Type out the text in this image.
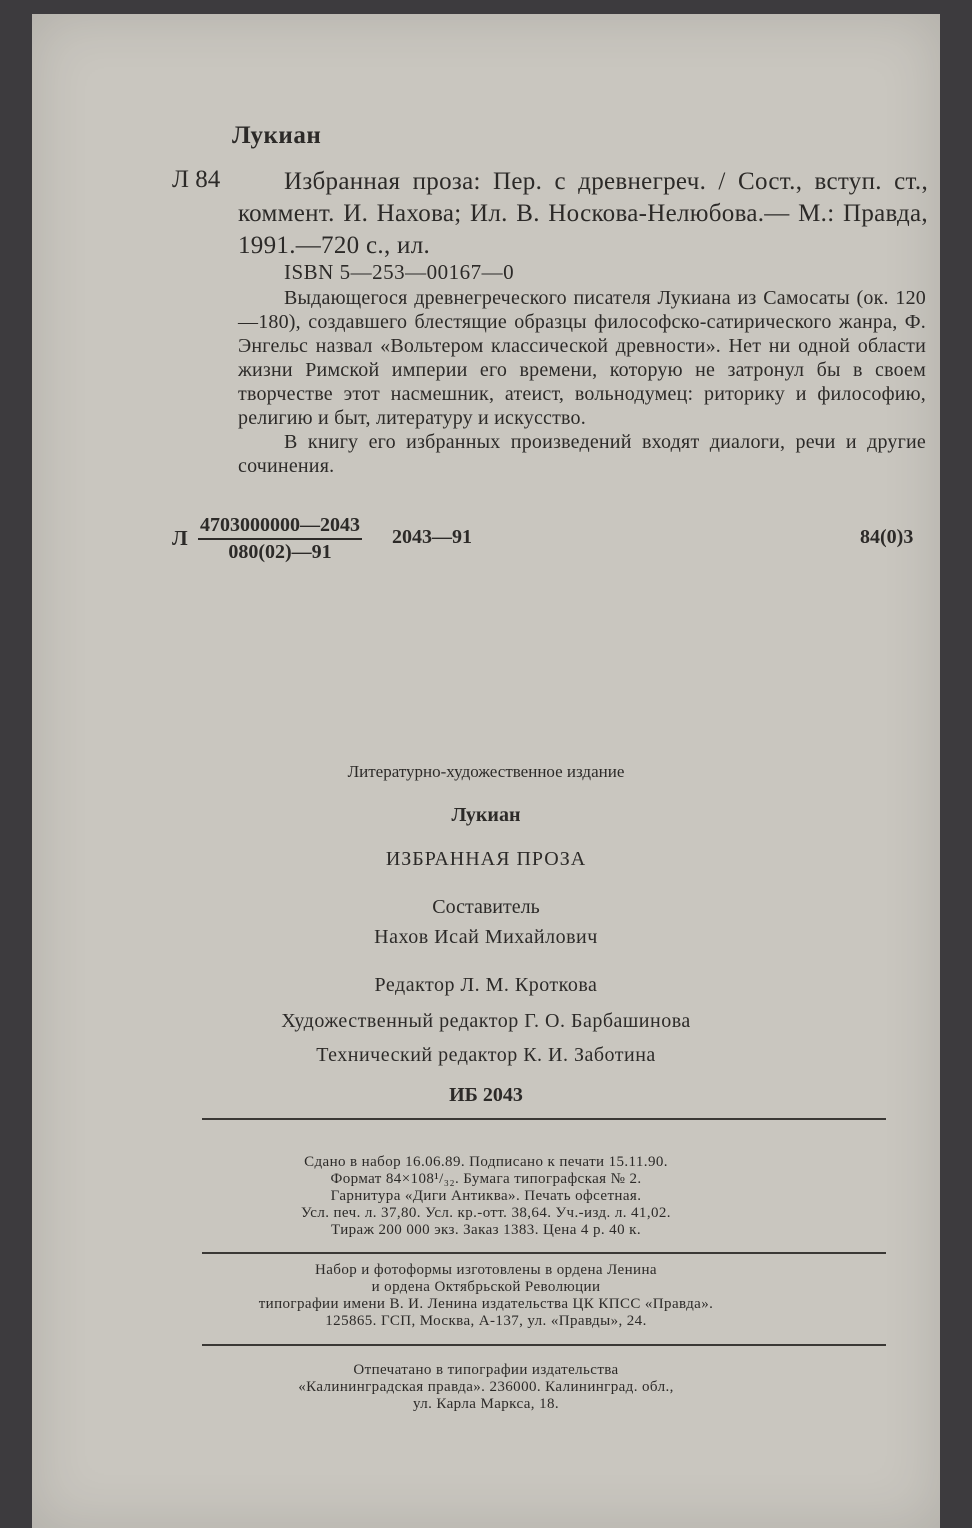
Лукиан
Л 84	Избранная проза: Пер. с древнегреч. / Сост., вступ. ст., коммент. И. Нахова; Ил. В. Носкова-Нелюбова.— М.: Правда, 1991.—720 с., ил.
ISBN 5—253—00167—0

Выдающегося древнегреческого писателя Лукиана из Самосаты (ок. 120—180), создавшего блестящие образцы философско-сатирического жанра, Ф. Энгельс назвал «Вольтером классической древности». Нет ни одной области жизни Римской империи его времени, которую не затронул бы в своем творчестве этот насмешник, атеист, вольнодумец: риторику и философию, религию и быт, литературу и искусство.

В книгу его избранных произведений входят диалоги, речи и другие сочинения.

Л $\frac{4703000000—2043}{080(02)—91}$ 2043—91	84(0)3
Литературно-художественное издание
Лукиан
ИЗБРАННАЯ ПРОЗА
Составитель
Нахов Исай Михайлович
Редактор Л. М. Кроткова
Художественный редактор Г. О. Барбашинова
Технический редактор К. И. Заботина
ИБ 2043
Сдано в набор 16.06.89. Подписано к печати 15.11.90.
Формат 84×108¹/₃₂. Бумага типографская № 2.
Гарнитура «Диги Антиква». Печать офсетная.
Усл. печ. л. 37,80. Усл. кр.-отт. 38,64. Уч.-изд. л. 41,02.
Тираж 200 000 экз. Заказ 1383. Цена 4 р. 40 к.
Набор и фотоформы изготовлены в ордена Ленина
и ордена Октябрьской Революции
типографии имени В. И. Ленина издательства ЦК КПСС «Правда».
125865. ГСП, Москва, А-137, ул. «Правды», 24.
Отпечатано в типографии издательства
«Калининградская правда». 236000. Калининград. обл.,
ул. Карла Маркса, 18.
